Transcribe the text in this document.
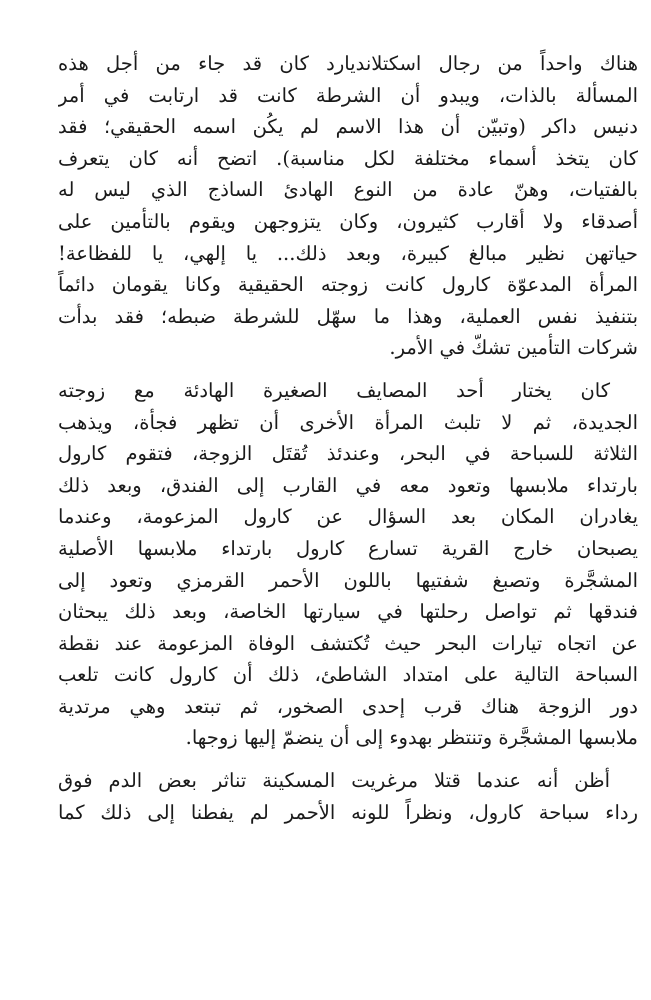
هناك واحداً من رجال اسكتلانديارد كان قد جاء من أجل هذه
المسألة بالذات، ويبدو أن الشرطة كانت قد ارتابت في أمر
دنيس داكر (وتبيّن أن هذا الاسم لم يكُن اسمه الحقيقي؛ فقد
كان يتخذ أسماء مختلفة لكل مناسبة). اتضح أنه كان يتعرف
بالفتيات، وهنّ عادة من النوع الهادئ الساذج الذي ليس له
أصدقاء ولا أقارب كثيرون، وكان يتزوجهن ويقوم بالتأمين على
حياتهن نظير مبالغ كبيرة، وبعد ذلك... يا إلهي، يا للفظاعة!
المرأة المدعوّة كارول كانت زوجته الحقيقية وكانا يقومان دائماً
بتنفيذ نفس العملية، وهذا ما سهّل للشرطة ضبطه؛ فقد بدأت
شركات التأمين تشكّ في الأمر.

كان يختار أحد المصايف الصغيرة الهادئة مع زوجته
الجديدة، ثم لا تلبث المرأة الأخرى أن تظهر فجأة، ويذهب
الثلاثة للسباحة في البحر، وعندئذ تُقتَل الزوجة، فتقوم كارول
بارتداء ملابسها وتعود معه في القارب إلى الفندق، وبعد ذلك
يغادران المكان بعد السؤال عن كارول المزعومة، وعندما
يصبحان خارج القرية تسارع كارول بارتداء ملابسها الأصلية
المشجَّرة وتصبغ شفتيها باللون الأحمر القرمزي وتعود إلى
فندقها ثم تواصل رحلتها في سيارتها الخاصة، وبعد ذلك يبحثان
عن اتجاه تيارات البحر حيث تُكتشف الوفاة المزعومة عند نقطة
السباحة التالية على امتداد الشاطئ، ذلك أن كارول كانت تلعب
دور الزوجة هناك قرب إحدى الصخور، ثم تبتعد وهي مرتدية
ملابسها المشجَّرة وتنتظر بهدوء إلى أن ينضمّ إليها زوجها.

أظن أنه عندما قتلا مرغريت المسكينة تناثر بعض الدم فوق
رداء سباحة كارول، ونظراً للونه الأحمر لم يفطنا إلى ذلك كما
